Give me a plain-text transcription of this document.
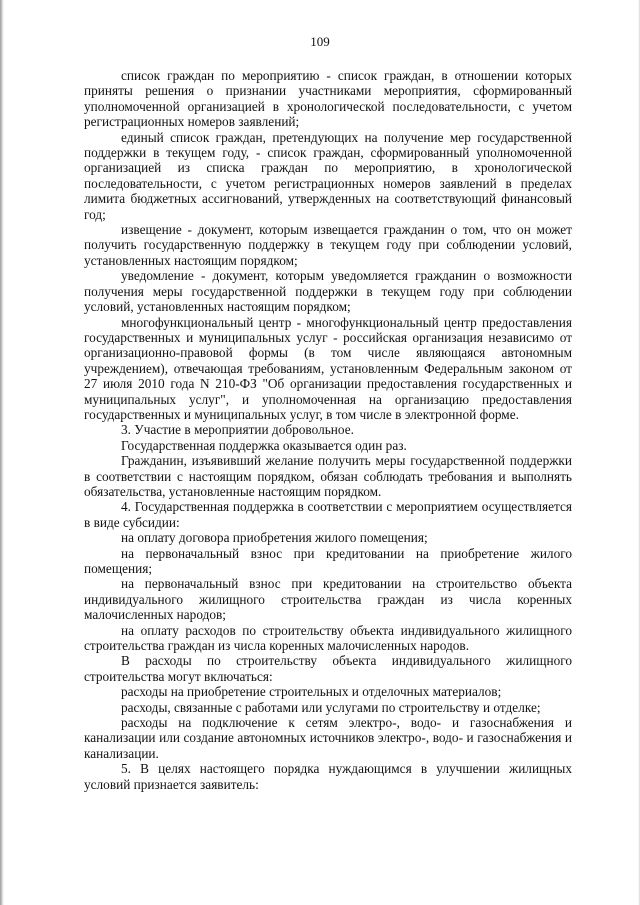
109

список граждан по мероприятию - список граждан, в отношении которых приняты решения о признании участниками мероприятия, сформированный уполномоченной организацией в хронологической последовательности, с учетом регистрационных номеров заявлений;

единый список граждан, претендующих на получение мер государственной поддержки в текущем году, - список граждан, сформированный уполномоченной организацией из списка граждан по мероприятию, в хронологической последовательности, с учетом регистрационных номеров заявлений в пределах лимита бюджетных ассигнований, утвержденных на соответствующий финансовый год;

извещение - документ, которым извещается гражданин о том, что он может получить государственную поддержку в текущем году при соблюдении условий, установленных настоящим порядком;

уведомление - документ, которым уведомляется гражданин о возможности получения меры государственной поддержки в текущем году при соблюдении условий, установленных настоящим порядком;

многофункциональный центр - многофункциональный центр предоставления государственных и муниципальных услуг - российская организация независимо от организационно-правовой формы (в том числе являющаяся автономным учреждением), отвечающая требованиям, установленным Федеральным законом от 27 июля 2010 года N 210-ФЗ "Об организации предоставления государственных и муниципальных услуг", и уполномоченная на организацию предоставления государственных и муниципальных услуг, в том числе в электронной форме.

3. Участие в мероприятии добровольное.

Государственная поддержка оказывается один раз.

Гражданин, изъявивший желание получить меры государственной поддержки в соответствии с настоящим порядком, обязан соблюдать требования и выполнять обязательства, установленные настоящим порядком.

4. Государственная поддержка в соответствии с мероприятием осуществляется в виде субсидии:

на оплату договора приобретения жилого помещения;

на первоначальный взнос при кредитовании на приобретение жилого помещения;

на первоначальный взнос при кредитовании на строительство объекта индивидуального жилищного строительства граждан из числа коренных малочисленных народов;

на оплату расходов по строительству объекта индивидуального жилищного строительства граждан из числа коренных малочисленных народов.

В расходы по строительству объекта индивидуального жилищного строительства могут включаться:

расходы на приобретение строительных и отделочных материалов;

расходы, связанные с работами или услугами по строительству и отделке;

расходы на подключение к сетям электро-, водо- и газоснабжения и канализации или создание автономных источников электро-, водо- и газоснабжения и канализации.

5. В целях настоящего порядка нуждающимся в улучшении жилищных условий признается заявитель:
